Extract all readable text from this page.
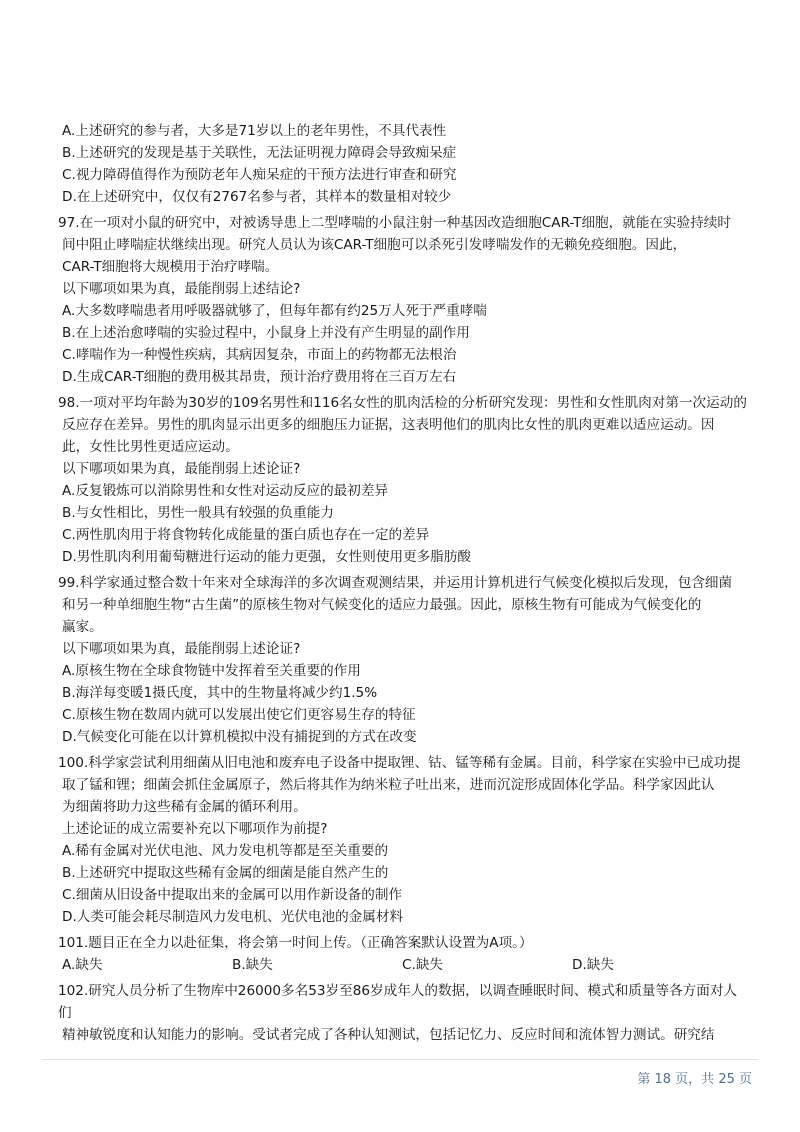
A.上述研究的参与者，大多是71岁以上的老年男性，不具代表性
B.上述研究的发现是基于关联性，无法证明视力障碍会导致痴呆症
C.视力障碍值得作为预防老年人痴呆症的干预方法进行审查和研究
D.在上述研究中，仅仅有2767名参与者，其样本的数量相对较少
97.在一项对小鼠的研究中，对被诱导患上二型哮喘的小鼠注射一种基因改造细胞CAR-T细胞，就能在实验持续时
间中阻止哮喘症状继续出现。研究人员认为该CAR-T细胞可以杀死引发哮喘发作的无赖免疫细胞。因此，
CAR-T细胞将大规模用于治疗哮喘。
以下哪项如果为真，最能削弱上述结论?
A.大多数哮喘患者用呼吸器就够了，但每年都有约25万人死于严重哮喘
B.在上述治愈哮喘的实验过程中，小鼠身上并没有产生明显的副作用
C.哮喘作为一种慢性疾病，其病因复杂，市面上的药物都无法根治
D.生成CAR-T细胞的费用极其昂贵，预计治疗费用将在三百万左右
98.一项对平均年龄为30岁的109名男性和116名女性的肌肉活检的分析研究发现：男性和女性肌肉对第一次运动的
反应存在差异。男性的肌肉显示出更多的细胞压力证据，这表明他们的肌肉比女性的肌肉更难以适应运动。因
此，女性比男性更适应运动。
以下哪项如果为真，最能削弱上述论证?
A.反复锻炼可以消除男性和女性对运动反应的最初差异
B.与女性相比，男性一般具有较强的负重能力
C.两性肌肉用于将食物转化成能量的蛋白质也存在一定的差异
D.男性肌肉利用葡萄糖进行运动的能力更强，女性则使用更多脂肪酸
99.科学家通过整合数十年来对全球海洋的多次调查观测结果，并运用计算机进行气候变化模拟后发现，包含细菌
和另一种单细胞生物“古生菌”的原核生物对气候变化的适应力最强。因此，原核生物有可能成为气候变化的
赢家。
以下哪项如果为真，最能削弱上述论证?
A.原核生物在全球食物链中发挥着至关重要的作用
B.海洋每变暖1摄氏度，其中的生物量将减少约1.5%
C.原核生物在数周内就可以发展出使它们更容易生存的特征
D.气候变化可能在以计算机模拟中没有捕捉到的方式在改变
100.科学家尝试利用细菌从旧电池和废弃电子设备中提取锂、钴、锰等稀有金属。目前，科学家在实验中已成功提
取了锰和锂；细菌会抓住金属原子，然后将其作为纳米粒子吐出来，进而沉淀形成固体化学品。科学家因此认
为细菌将助力这些稀有金属的循环利用。
上述论证的成立需要补充以下哪项作为前提?
A.稀有金属对光伏电池、风力发电机等都是至关重要的
B.上述研究中提取这些稀有金属的细菌是能自然产生的
C.细菌从旧设备中提取出来的金属可以用作新设备的制作
D.人类可能会耗尽制造风力发电机、光伏电池的金属材料
101.题目正在全力以赴征集，将会第一时间上传。（正确答案默认设置为A项。）
A.缺失	B.缺失	C.缺失	D.缺失
102.研究人员分析了生物库中26000多名53岁至86岁成年人的数据，以调查睡眠时间、模式和质量等各方面对人们
精神敏锐度和认知能力的影响。受试者完成了各种认知测试，包括记忆力、反应时间和流体智力测试。研究结
第 18 页，共 25 页
